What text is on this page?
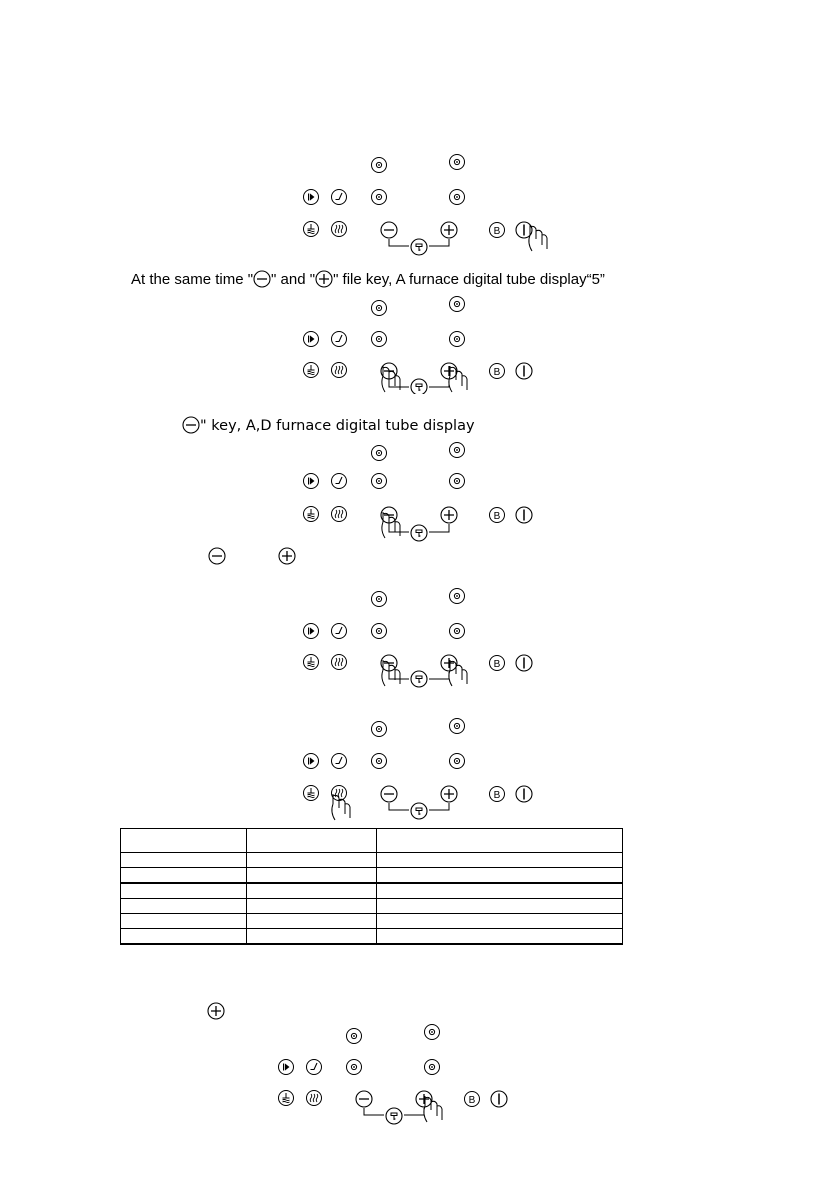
B
At the same time " " and " " file key, A furnace digital tube display“5”
B
" key, A,D furnace digital tube display
B
B
B

B
